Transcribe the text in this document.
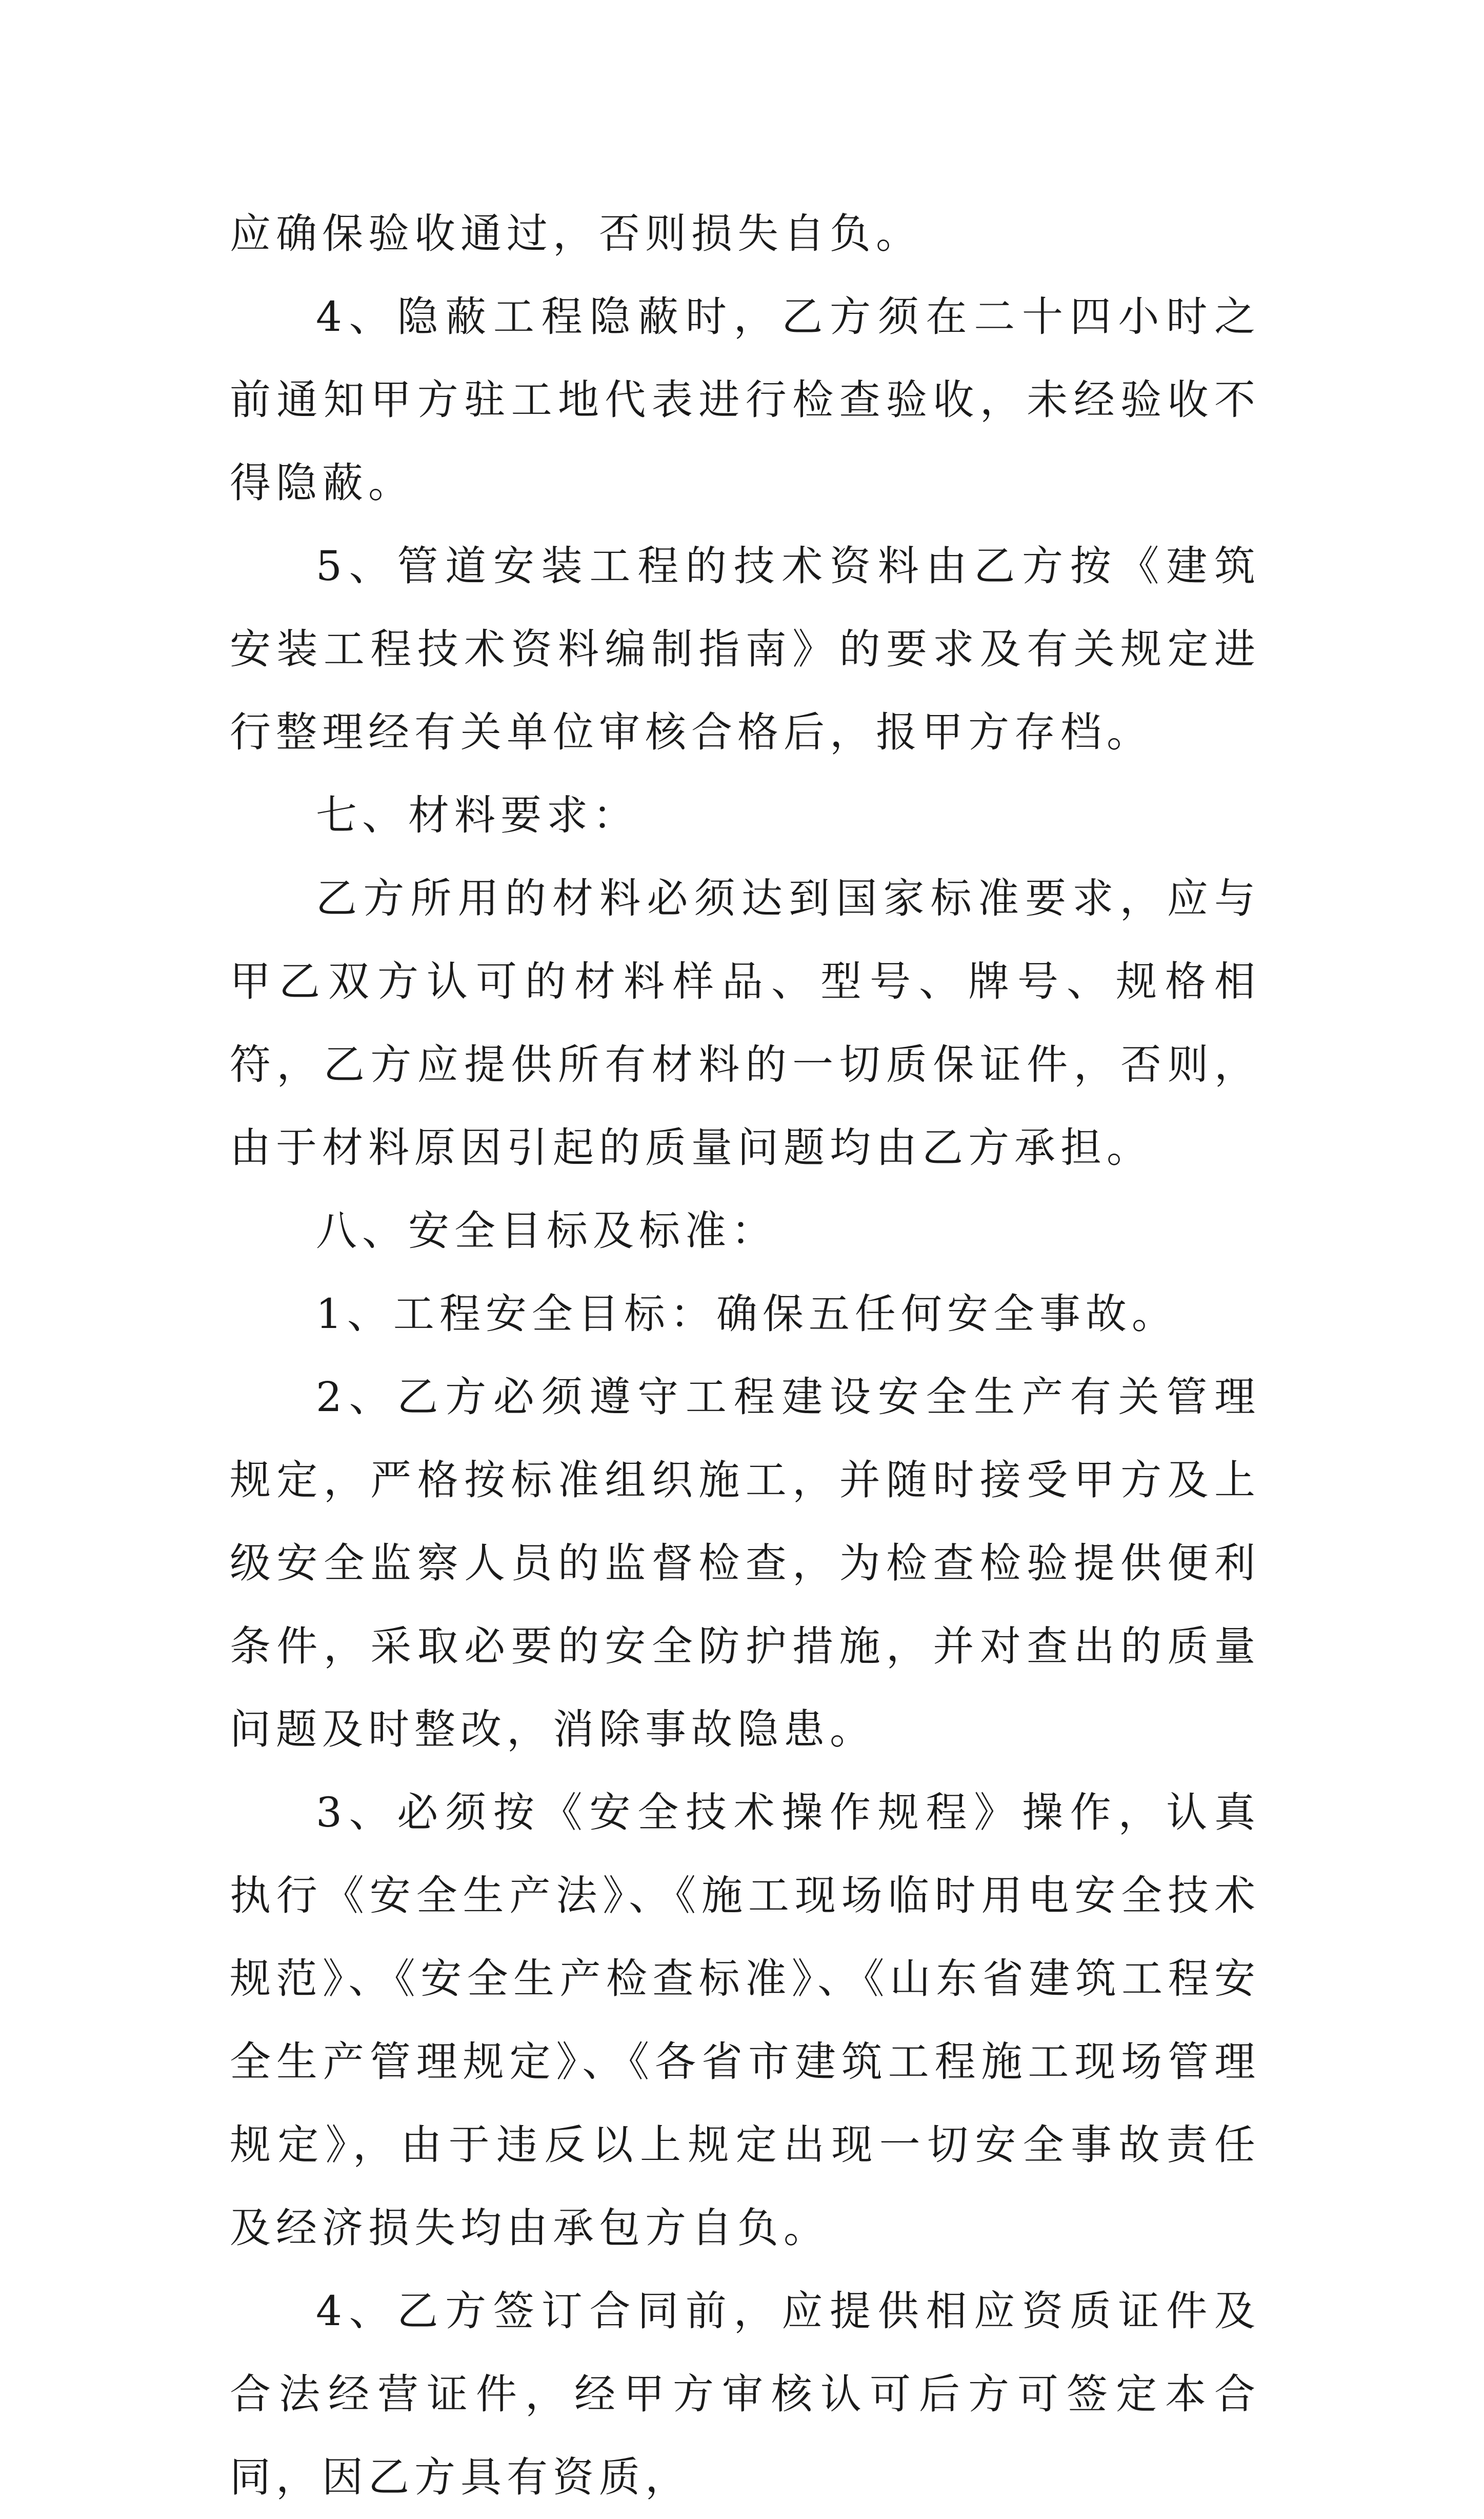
应确保验收通过，否则损失自负。

4、隐蔽工程隐蔽时，乙方须在二十四小时之前通知甲方驻工地代表进行检查验收，未经验收不得隐蔽。

5、管道安装工程的技术资料由乙方按《建筑安装工程技术资料编制指南》的要求及有关规定进行整理经有关单位审核合格后，报甲方存档。

七、材料要求：

乙方所用的材料必须达到国家标准要求，应与甲乙双方认可的材料样品、型号、牌号、规格相符，乙方应提供所有材料的一切质保证件，否则，由于材料原因引起的质量问题均由乙方承担。

八、安全目标及标准：

1、工程安全目标：确保五任何安全事故。

2、乙方必须遵守工程建设安全生产有关管理规定，严格按标准组织施工，并随时接受甲方及上级安全监察人员的监督检查，为检查检验提供便利条件，采取必要的安全防护措施，并对查出的质量问题及时整改，消除事故隐患。

3、必须按《安全技术操作规程》操作，认真执行《安全生产法》、《施工现场临时用电安全技术规范》、《安全生产检查标准》、《山东省建筑工程安全生产管理规定》、《各省市建筑工程施工现场管理规定》，由于违反以上规定出现一切安全事故责任及经济损失均由承包方自负。

4、乙方签订合同前，应提供相应资质证件及合法经营证件，经甲方审核认可后方可签定本合同，因乙方具有资质，
